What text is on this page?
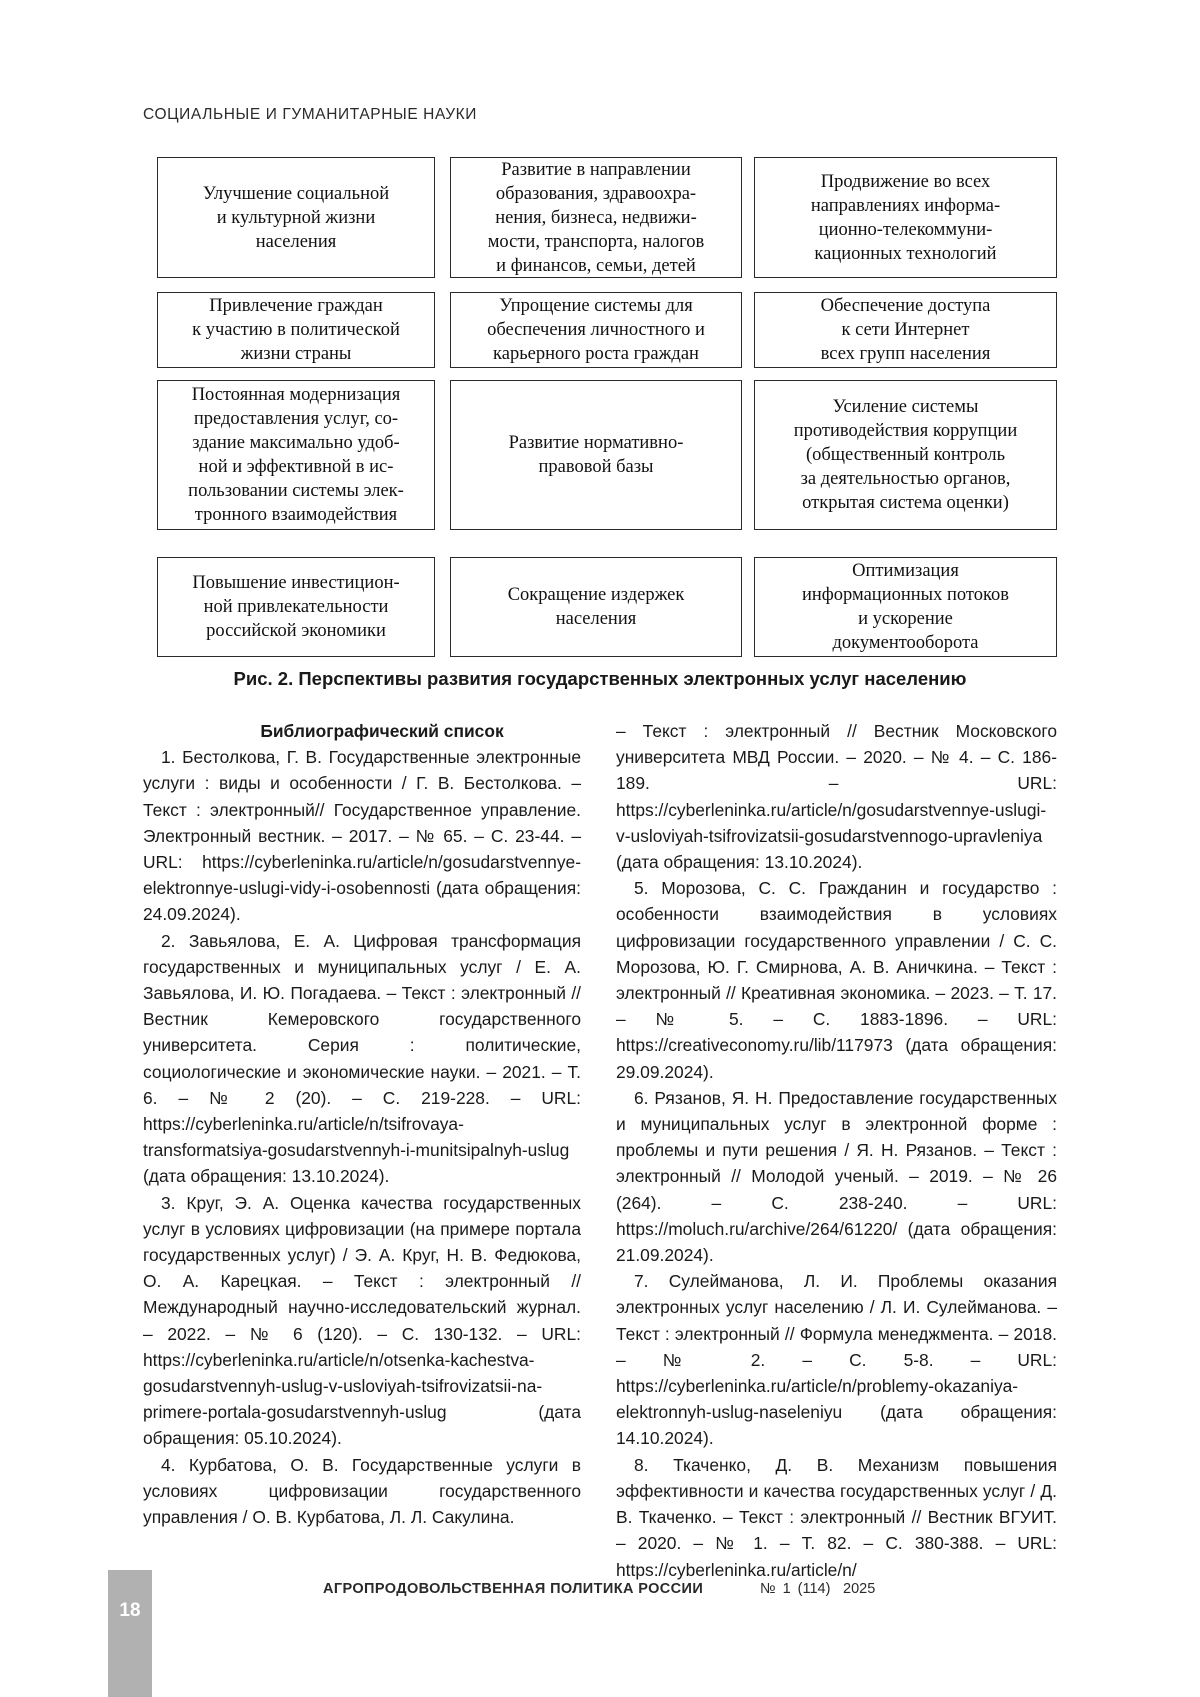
СОЦИАЛЬНЫЕ И ГУМАНИТАРНЫЕ НАУКИ
Улучшение социальной
и культурной жизни
населения
Развитие в направлении
образования, здравоохра-
нения, бизнеса, недвижи-
мости, транспорта, налогов
и финансов, семьи, детей
Продвижение во всех
направлениях информа-
ционно-телекоммуни-
кационных технологий
Привлечение граждан
к участию в политической
жизни страны
Упрощение системы для
обеспечения личностного и
карьерного роста граждан
Обеспечение доступа
к сети Интернет
всех групп населения
Постоянная модернизация
предоставления услуг, со-
здание максимально удоб-
ной и эффективной в ис-
пользовании системы элек-
тронного взаимодействия
Развитие нормативно-
правовой базы
Усиление системы
противодействия коррупции
(общественный контроль
за деятельностью органов,
открытая система оценки)
Повышение инвестицион-
ной привлекательности
российской экономики
Сокращение издержек
населения
Оптимизация
информационных потоков
и ускорение
документооборота
Рис. 2. Перспективы развития государственных электронных услуг населению

Библиографический список

1. Бестолкова, Г. В. Государственные электронные услуги : виды и особенности / Г. В. Бестолкова. – Текст : электронный// Государственное управление. Электронный вестник. – 2017. – № 65. – С. 23-44. – URL: https://cyberleninka.ru/article/n/gosudarstvennye-elektronnye-uslugi-vidy-i-osobennosti (дата обращения: 24.09.2024).

2. Завьялова, Е. А. Цифровая трансформация государственных и муниципальных услуг / Е. А. Завьялова, И. Ю. Погадаева. – Текст : электронный // Вестник Кемеровского государственного университета. Серия : политические, социологические и экономические науки. – 2021. – Т. 6. – № 2 (20). – С. 219-228. – URL: https://cyberleninka.ru/article/n/tsifrovaya-transformatsiya-gosudarstvennyh-i-munitsipalnyh-uslug (дата обращения: 13.10.2024).

3. Круг, Э. А. Оценка качества государственных услуг в условиях цифровизации (на примере портала государственных услуг) / Э. А. Круг, Н. В. Федюкова, О. А. Карецкая. – Текст : электронный // Международный научно-исследовательский журнал. – 2022. – № 6 (120). – С. 130-132. – URL: https://cyberleninka.ru/article/n/otsenka-kachestva-gosudarstvennyh-uslug-v-usloviyah-tsifrovizatsii-na-primere-portala-gosudarstvennyh-uslug (дата обращения: 05.10.2024).

4. Курбатова, О. В. Государственные услуги в условиях цифровизации государственного управления / О. В. Курбатова, Л. Л. Сакулина.

– Текст : электронный // Вестник Московского университета МВД России. – 2020. – № 4. – С. 186-189. – URL: https://cyberleninka.ru/article/n/gosudarstvennye-uslugi-v-usloviyah-tsifrovizatsii-gosudarstvennogo-upravleniya (дата обращения: 13.10.2024).

5. Морозова, С. С. Гражданин и государство : особенности взаимодействия в условиях цифровизации государственного управлении / С. С. Морозова, Ю. Г. Смирнова, А. В. Аничкина. – Текст : электронный // Креативная экономика. – 2023. – Т. 17. – № 5. – С. 1883-1896. – URL: https://creativeconomy.ru/lib/117973 (дата обращения: 29.09.2024).

6. Рязанов, Я. Н. Предоставление государственных и муниципальных услуг в электронной форме : проблемы и пути решения / Я. Н. Рязанов. – Текст : электронный // Молодой ученый. – 2019. – № 26 (264). – С. 238-240. – URL: https://moluch.ru/archive/264/61220/ (дата обращения: 21.09.2024).

7. Сулейманова, Л. И. Проблемы оказания электронных услуг населению / Л. И. Сулейманова. – Текст : электронный // Формула менеджмента. – 2018. – № 2. – С. 5-8. – URL: https://cyberleninka.ru/article/n/problemy-okazaniya-elektronnyh-uslug-naseleniyu (дата обращения: 14.10.2024).

8. Ткаченко, Д. В. Механизм повышения эффективности и качества государственных услуг / Д. В. Ткаченко. – Текст : электронный // Вестник ВГУИТ. – 2020. – № 1. – Т. 82. – С. 380-388. – URL: https://cyberleninka.ru/article/n/

18
АГРОПРОДОВОЛЬСТВЕННАЯ ПОЛИТИКА РОССИИ	№ 1 (114) 2025
